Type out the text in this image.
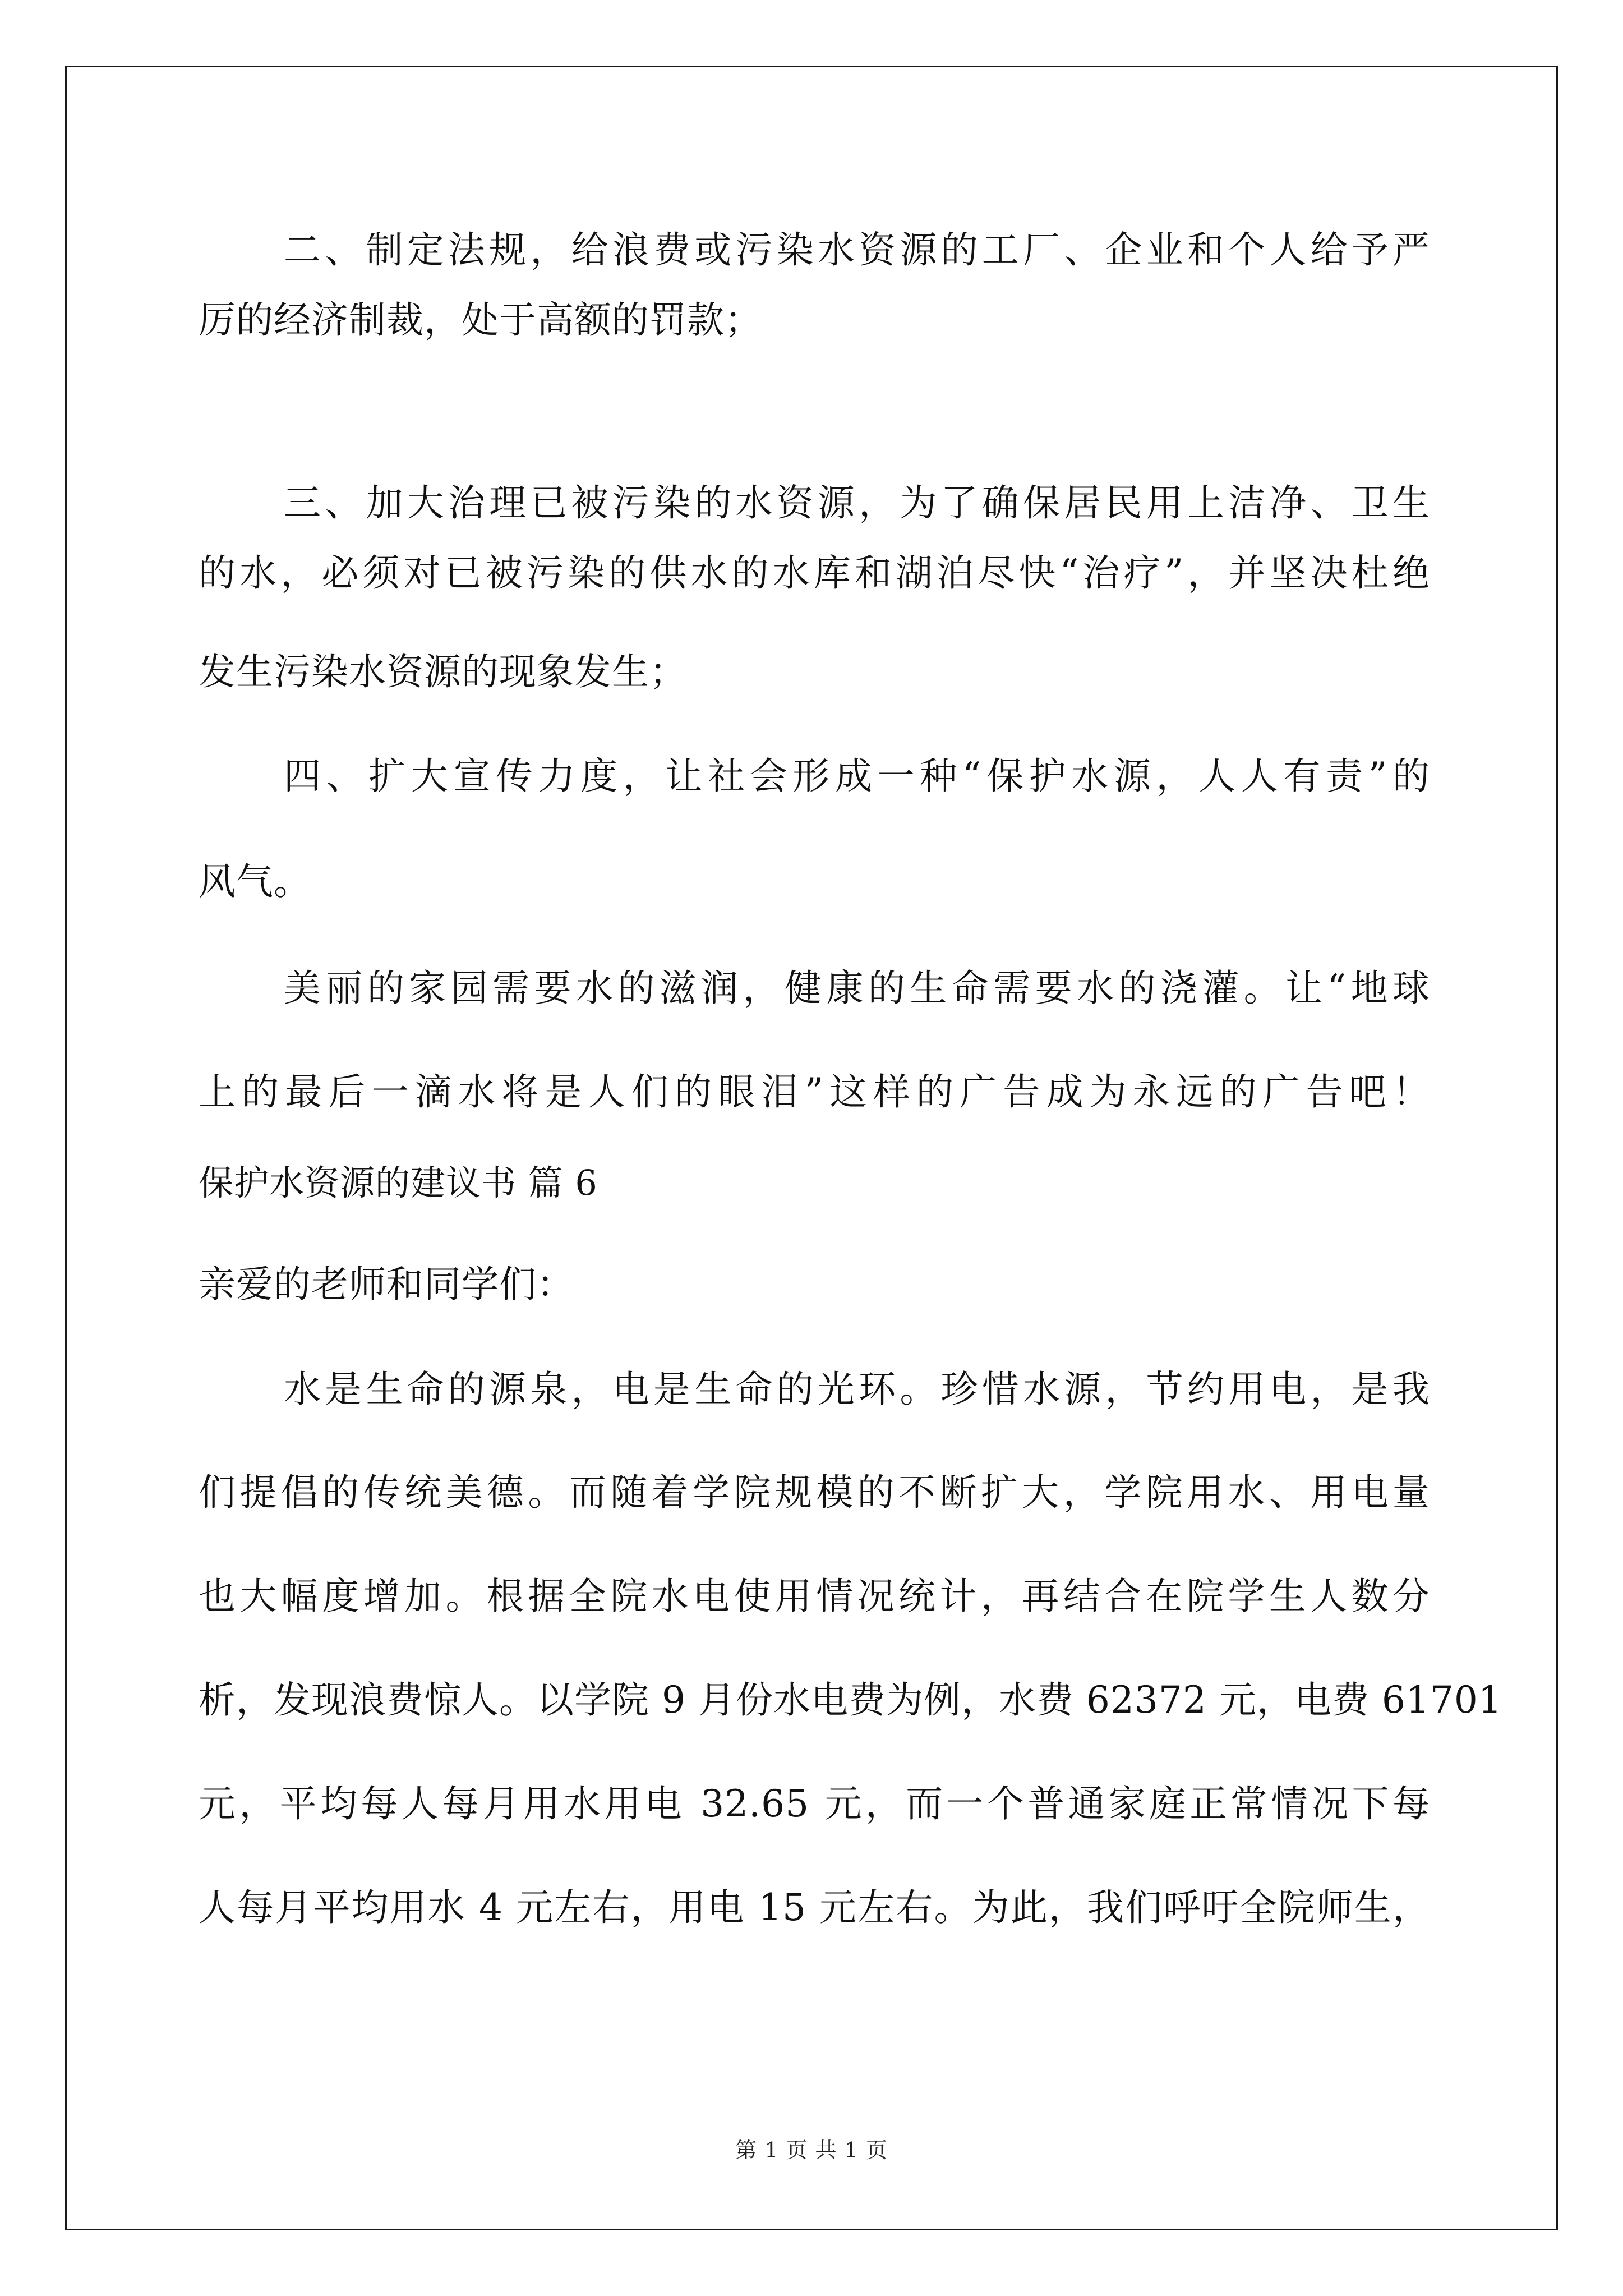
二、制定法规，给浪费或污染水资源的工厂、企业和个人给予严
厉的经济制裁，处于高额的罚款；
三、加大治理已被污染的水资源，为了确保居民用上洁净、卫生
的水，必须对已被污染的供水的水库和湖泊尽快“治疗”，并坚决杜绝
发生污染水资源的现象发生；
四、扩大宣传力度，让社会形成一种“保护水源，人人有责”的
风气。
美丽的家园需要水的滋润，健康的生命需要水的浇灌。让“地球
上的最后一滴水将是人们的眼泪”这样的广告成为永远的广告吧！
保护水资源的建议书 篇 6
亲爱的老师和同学们：
水是生命的源泉，电是生命的光环。珍惜水源，节约用电，是我
们提倡的传统美德。而随着学院规模的不断扩大，学院用水、用电量
也大幅度增加。根据全院水电使用情况统计，再结合在院学生人数分
析，发现浪费惊人。以学院 9 月份水电费为例，水费 62372 元，电费 61701
元，平均每人每月用水用电 32.65 元，而一个普通家庭正常情况下每
人每月平均用水 4 元左右，用电 15 元左右。为此，我们呼吁全院师生，
第 1 页 共 1 页
